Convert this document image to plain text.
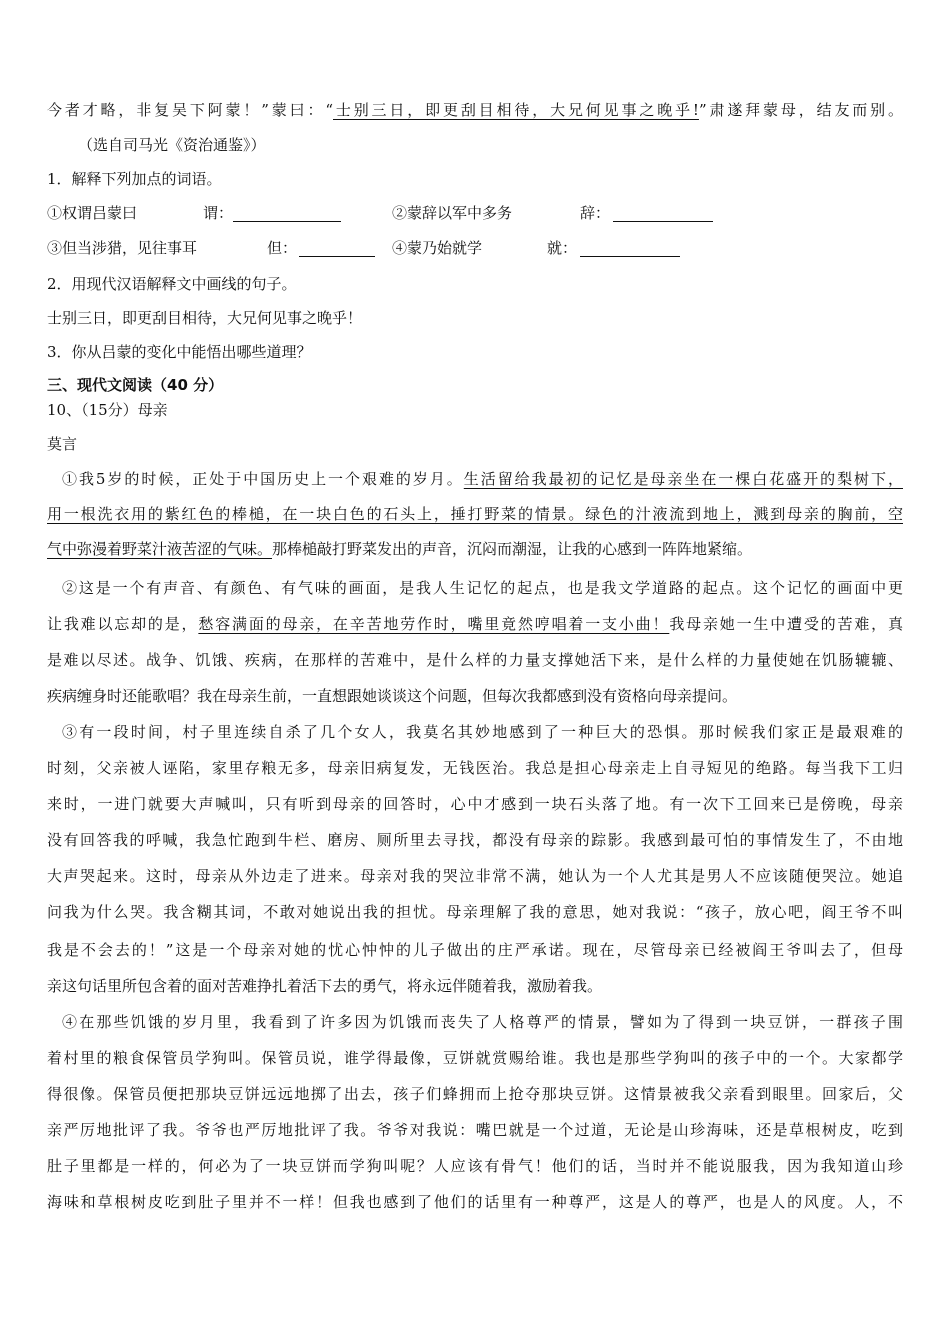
今者才略，非复吴下阿蒙！”蒙曰：“士别三日，即更刮目相待，大兄何见事之晚乎!”肃遂拜蒙母，结友而别。
（选自司马光《资治通鉴》）
1．解释下列加点的词语。
①权谓吕蒙曰	谓：	②蒙辞以军中多务	辞：
③但当涉猎，见往事耳	但：	④蒙乃始就学	就：
2．用现代汉语解释文中画线的句子。
士别三日，即更刮目相待，大兄何见事之晚乎！
3．你从吕蒙的变化中能悟出哪些道理？
三、现代文阅读（40 分）
10、（15分）母亲
莫言
①我5岁的时候，正处于中国历史上一个艰难的岁月。生活留给我最初的记忆是母亲坐在一棵白花盛开的梨树下，
用一根洗衣用的紫红色的棒槌，在一块白色的石头上，捶打野菜的情景。绿色的汁液流到地上，溅到母亲的胸前，空
气中弥漫着野菜汁液苦涩的气味。那棒槌敲打野菜发出的声音，沉闷而潮湿，让我的心感到一阵阵地紧缩。
②这是一个有声音、有颜色、有气味的画面，是我人生记忆的起点，也是我文学道路的起点。这个记忆的画面中更
让我难以忘却的是，愁容满面的母亲，在辛苦地劳作时，嘴里竟然哼唱着一支小曲！我母亲她一生中遭受的苦难，真
是难以尽述。战争、饥饿、疾病，在那样的苦难中，是什么样的力量支撑她活下来，是什么样的力量使她在饥肠辘辘、
疾病缠身时还能歌唱？我在母亲生前，一直想跟她谈谈这个问题，但每次我都感到没有资格向母亲提问。
③有一段时间，村子里连续自杀了几个女人，我莫名其妙地感到了一种巨大的恐惧。那时候我们家正是最艰难的
时刻，父亲被人诬陷，家里存粮无多，母亲旧病复发，无钱医治。我总是担心母亲走上自寻短见的绝路。每当我下工归
来时，一进门就要大声喊叫，只有听到母亲的回答时，心中才感到一块石头落了地。有一次下工回来已是傍晚，母亲
没有回答我的呼喊，我急忙跑到牛栏、磨房、厕所里去寻找，都没有母亲的踪影。我感到最可怕的事情发生了，不由地
大声哭起来。这时，母亲从外边走了进来。母亲对我的哭泣非常不满，她认为一个人尤其是男人不应该随便哭泣。她追
问我为什么哭。我含糊其词，不敢对她说出我的担忧。母亲理解了我的意思，她对我说：“孩子，放心吧，阎王爷不叫
我是不会去的！”这是一个母亲对她的忧心忡忡的儿子做出的庄严承诺。现在，尽管母亲已经被阎王爷叫去了，但母
亲这句话里所包含着的面对苦难挣扎着活下去的勇气，将永远伴随着我，激励着我。
④在那些饥饿的岁月里，我看到了许多因为饥饿而丧失了人格尊严的情景，譬如为了得到一块豆饼，一群孩子围
着村里的粮食保管员学狗叫。保管员说，谁学得最像，豆饼就赏赐给谁。我也是那些学狗叫的孩子中的一个。大家都学
得很像。保管员便把那块豆饼远远地掷了出去，孩子们蜂拥而上抢夺那块豆饼。这情景被我父亲看到眼里。回家后，父
亲严厉地批评了我。爷爷也严厉地批评了我。爷爷对我说：嘴巴就是一个过道，无论是山珍海味，还是草根树皮，吃到
肚子里都是一样的，何必为了一块豆饼而学狗叫呢？人应该有骨气！他们的话，当时并不能说服我，因为我知道山珍
海味和草根树皮吃到肚子里并不一样！但我也感到了他们的话里有一种尊严，这是人的尊严，也是人的风度。人，不
